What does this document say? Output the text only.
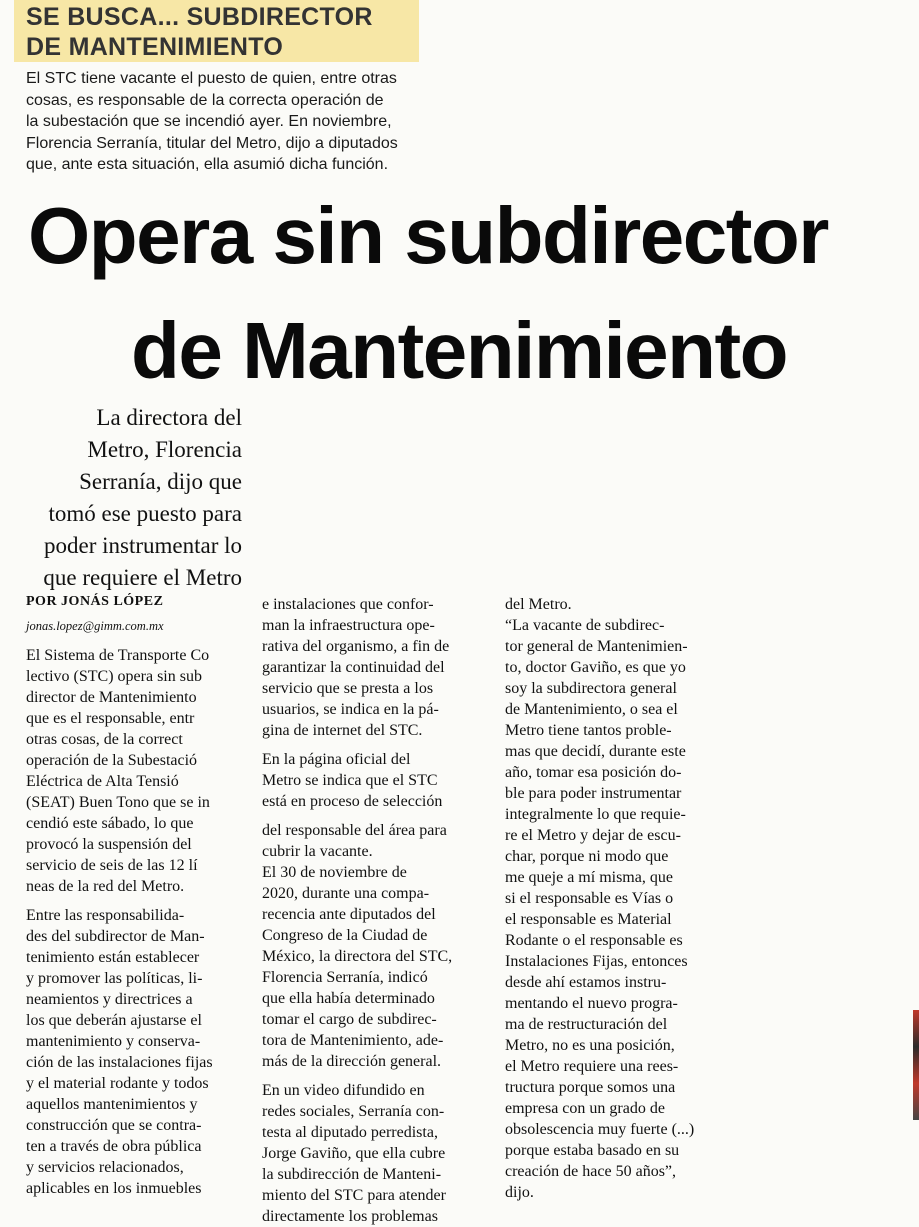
SE BUSCA... SUBDIRECTOR
DE MANTENIMIENTO
El STC tiene vacante el puesto de quien, entre otras
cosas, es responsable de la correcta operación de
la subestación que se incendió ayer. En noviembre,
Florencia Serranía, titular del Metro, dijo a diputados
que, ante esta situación, ella asumió dicha función.
Opera sin subdirector
de Mantenimiento
La directora del
Metro, Florencia
Serranía, dijo que
tomó ese puesto para
poder instrumentar lo
que requiere el Metro
POR JONÁS LÓPEZ
jonas.lopez@gimm.com.mx
El Sistema de Transporte Co
lectivo (STC) opera sin sub
director de Mantenimiento
que es el responsable, entr
otras cosas, de la correct
operación de la Subestació
Eléctrica de Alta Tensió
(SEAT) Buen Tono que se in
cendió este sábado, lo que
provocó la suspensión del
servicio de seis de las 12 lí
neas de la red del Metro.
Entre las responsabilida-
des del subdirector de Man-
tenimiento están establecer
y promover las políticas, li-
neamientos y directrices a
los que deberán ajustarse el
mantenimiento y conserva-
ción de las instalaciones fijas
y el material rodante y todos
aquellos mantenimientos y
construcción que se contra-
ten a través de obra pública
y servicios relacionados,
aplicables en los inmuebles
e instalaciones que confor-
man la infraestructura ope-
rativa del organismo, a fin de
garantizar la continuidad del
servicio que se presta a los
usuarios, se indica en la pá-
gina de internet del STC.
En la página oficial del
Metro se indica que el STC
está en proceso de selección
del responsable del área para
cubrir la vacante.
El 30 de noviembre de
2020, durante una compa-
recencia ante diputados del
Congreso de la Ciudad de
México, la directora del STC,
Florencia Serranía, indicó
que ella había determinado
tomar el cargo de subdirec-
tora de Mantenimiento, ade-
más de la dirección general.
En un video difundido en
redes sociales, Serranía con-
testa al diputado perredista,
Jorge Gaviño, que ella cubre
la subdirección de Manteni-
miento del STC para atender
directamente los problemas
del Metro.
“La vacante de subdirec-
tor general de Mantenimien-
to, doctor Gaviño, es que yo
soy la subdirectora general
de Mantenimiento, o sea el
Metro tiene tantos proble-
mas que decidí, durante este
año, tomar esa posición do-
ble para poder instrumentar
integralmente lo que requie-
re el Metro y dejar de escu-
char, porque ni modo que
me queje a mí misma, que
si el responsable es Vías o
el responsable es Material
Rodante o el responsable es
Instalaciones Fijas, entonces
desde ahí estamos instru-
mentando el nuevo progra-
ma de restructuración del
Metro, no es una posición,
el Metro requiere una rees-
tructura porque somos una
empresa con un grado de
obsolescencia muy fuerte (...)
porque estaba basado en su
creación de hace 50 años”,
dijo.
